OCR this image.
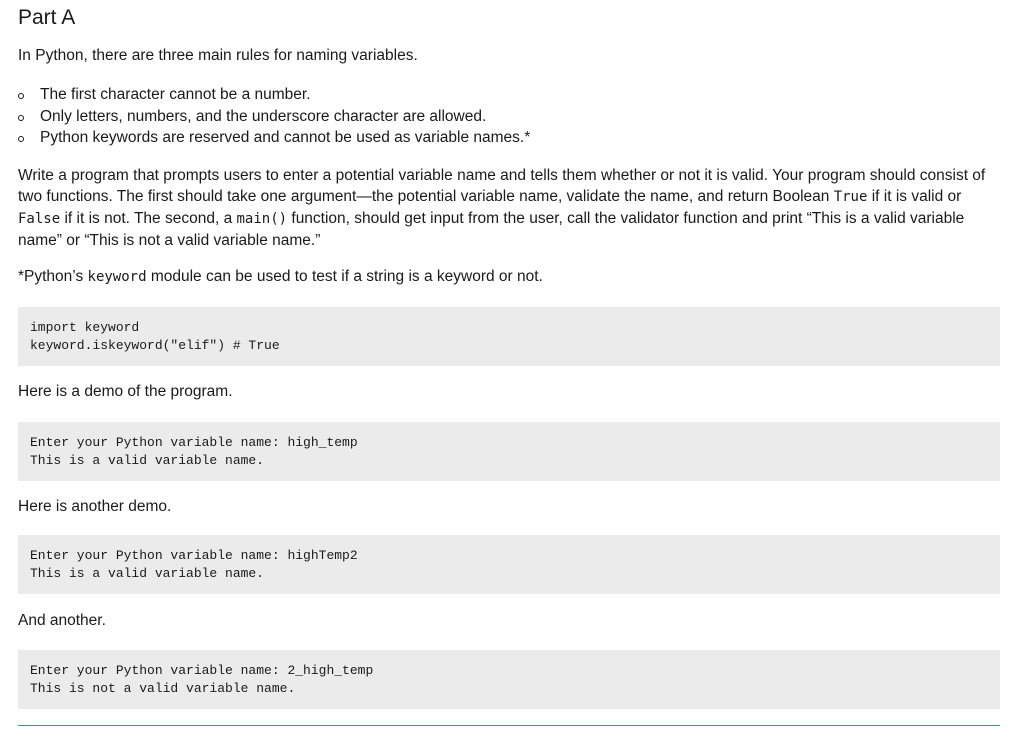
Part A

In Python, there are three main rules for naming variables.

The first character cannot be a number.
Only letters, numbers, and the underscore character are allowed.
Python keywords are reserved and cannot be used as variable names.*

Write a program that prompts users to enter a potential variable name and tells them whether or not it is valid. Your program should consist of two functions. The first should take one argument—the potential variable name, validate the name, and return Boolean True if it is valid or False if it is not. The second, a main() function, should get input from the user, call the validator function and print “This is a valid variable name” or “This is not a valid variable name.”

*Python’s keyword module can be used to test if a string is a keyword or not.

import keyword
keyword.iskeyword("elif") # True

Here is a demo of the program.

Enter your Python variable name: high_temp
This is a valid variable name.

Here is another demo.

Enter your Python variable name: highTemp2
This is a valid variable name.

And another.

Enter your Python variable name: 2_high_temp
This is not a valid variable name.
